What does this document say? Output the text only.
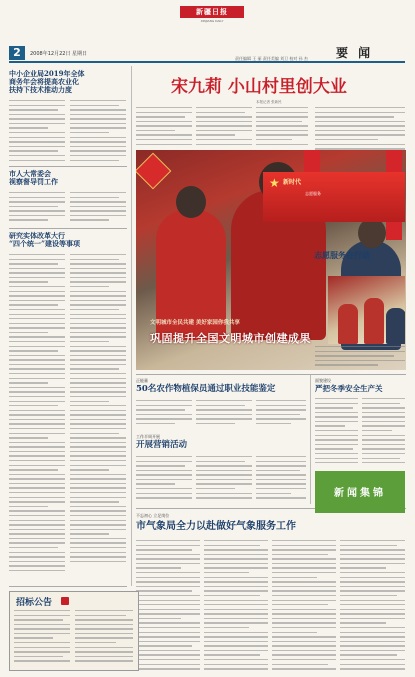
2	2008年12月22日 星期日
新疆日报
XINJIANG DAILY
要 闻
责任编辑 王 丽 责任美编 刘卫 校对 孙 杰
宋九莉 小山村里创大业
本报记者 张新民
中小企业局2019年全体
商务年会将提高农业化
扶持下技术推动力度
市人大常委会
视察督导罚工作
研究实体改革大行
“四个统一”建设等事项
文明城市全民共建 美好家园你我共享
巩固提升全国文明城市创建成果
★ 新时代
志愿服务
志愿服务在行动
正能量
50名农作物植保员通过职业技能鉴定
工作半周开展
开展营销活动
面貌建设
严把冬季安全生产关
新闻集锦
不忘初心 立足岗位
市气象局全力以赴做好气象服务工作
招标公告
